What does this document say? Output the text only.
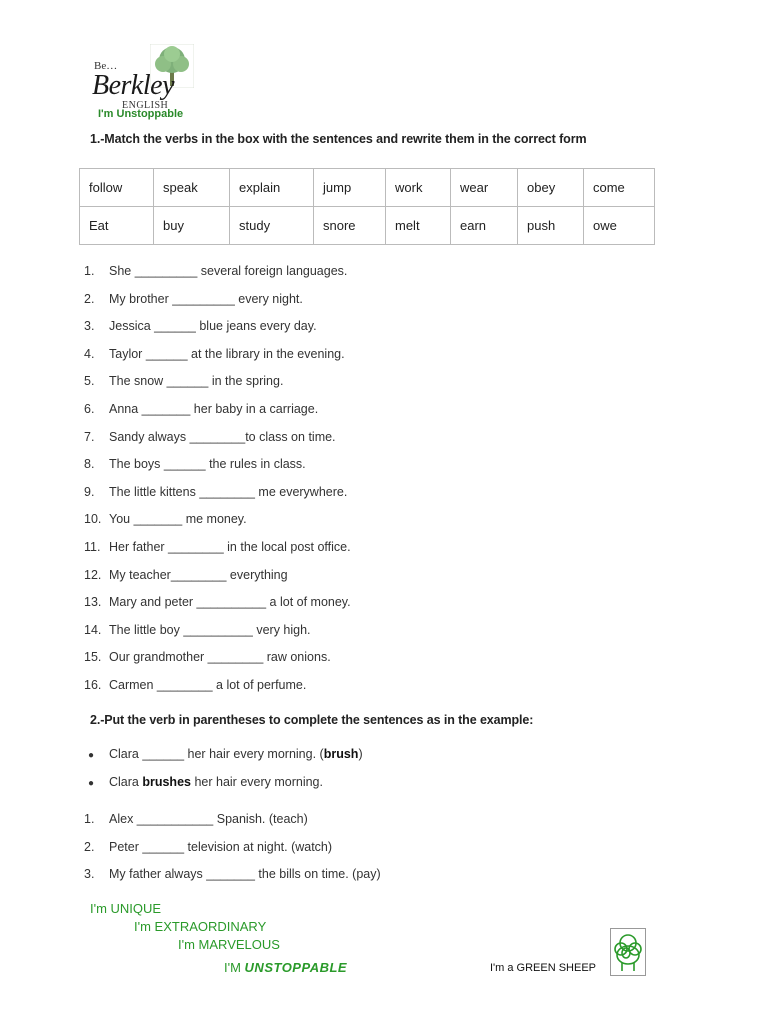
Be…
Berkley
ENGLISH
I'm Unstoppable
1.-Match the verbs in the box with the sentences and rewrite them in the correct form
follow	speak	explain	jump	work	wear	obey	come
Eat	buy	study	snore	melt	earn	push	owe
1. She _________ several foreign languages.
2. My brother _________ every night.
3. Jessica ______ blue jeans every day.
4. Taylor ______ at the library in the evening.
5. The snow ______ in the spring.
6. Anna _______ her baby in a carriage.
7. Sandy always ________to class on time.
8. The boys ______ the rules in class.
9. The little kittens ________ me everywhere.
10. You _______ me money.
11. Her father ________ in the local post office.
12. My teacher________ everything
13. Mary and peter __________ a lot of money.
14. The little boy __________ very high.
15. Our grandmother ________ raw onions.
16. Carmen ________ a lot of perfume.
2.-Put the verb in parentheses to complete the sentences as in the example:
● Clara ______ her hair every morning. (brush)
● Clara brushes her hair every morning.
1. Alex ___________ Spanish. (teach)
2. Peter ______ television at night. (watch)
3. My father always _______ the bills on time. (pay)
I'm UNIQUE
I'm EXTRAORDINARY
I'm MARVELOUS
I'M UNSTOPPABLE	I'm a GREEN SHEEP
